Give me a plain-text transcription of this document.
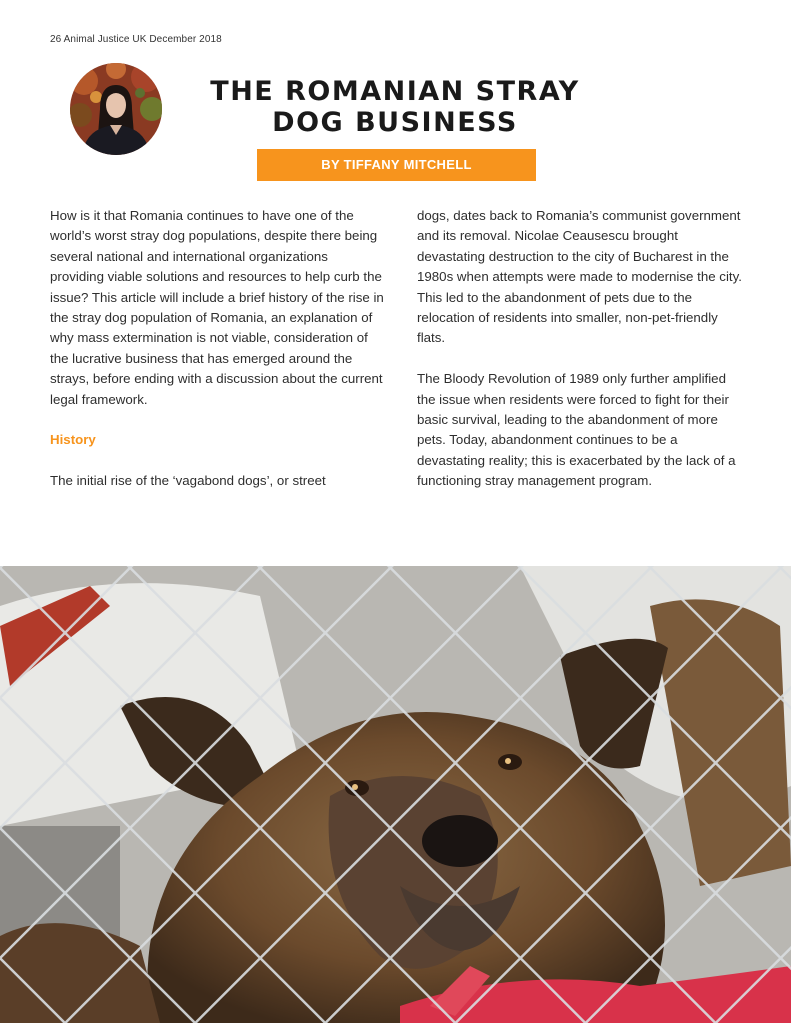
26 Animal Justice UK December 2018
THE ROMANIAN STRAY
DOG BUSINESS
BY TIFFANY MITCHELL

How is it that Romania continues to have one of the world’s worst stray dog populations, despite there being several national and international organizations providing viable solutions and resources to help curb the issue? This article will include a brief history of the rise in the stray dog population of Romania, an explanation of why mass extermination is not viable, consideration of the lucrative business that has emerged around the strays, before ending with a discussion about the current legal framework.

History

The initial rise of the ‘vagabond dogs’, or street

dogs, dates back to Romania’s communist government and its removal. Nicolae Ceausescu brought devastating destruction to the city of Bucharest in the 1980s when attempts were made to modernise the city. This led to the abandonment of pets due to the relocation of residents into smaller, non-pet-friendly flats.

The Bloody Revolution of 1989 only further amplified the issue when residents were forced to fight for their basic survival, leading to the abandonment of more pets. Today, abandonment continues to be a devastating reality; this is exacerbated by the lack of a functioning stray management program.
